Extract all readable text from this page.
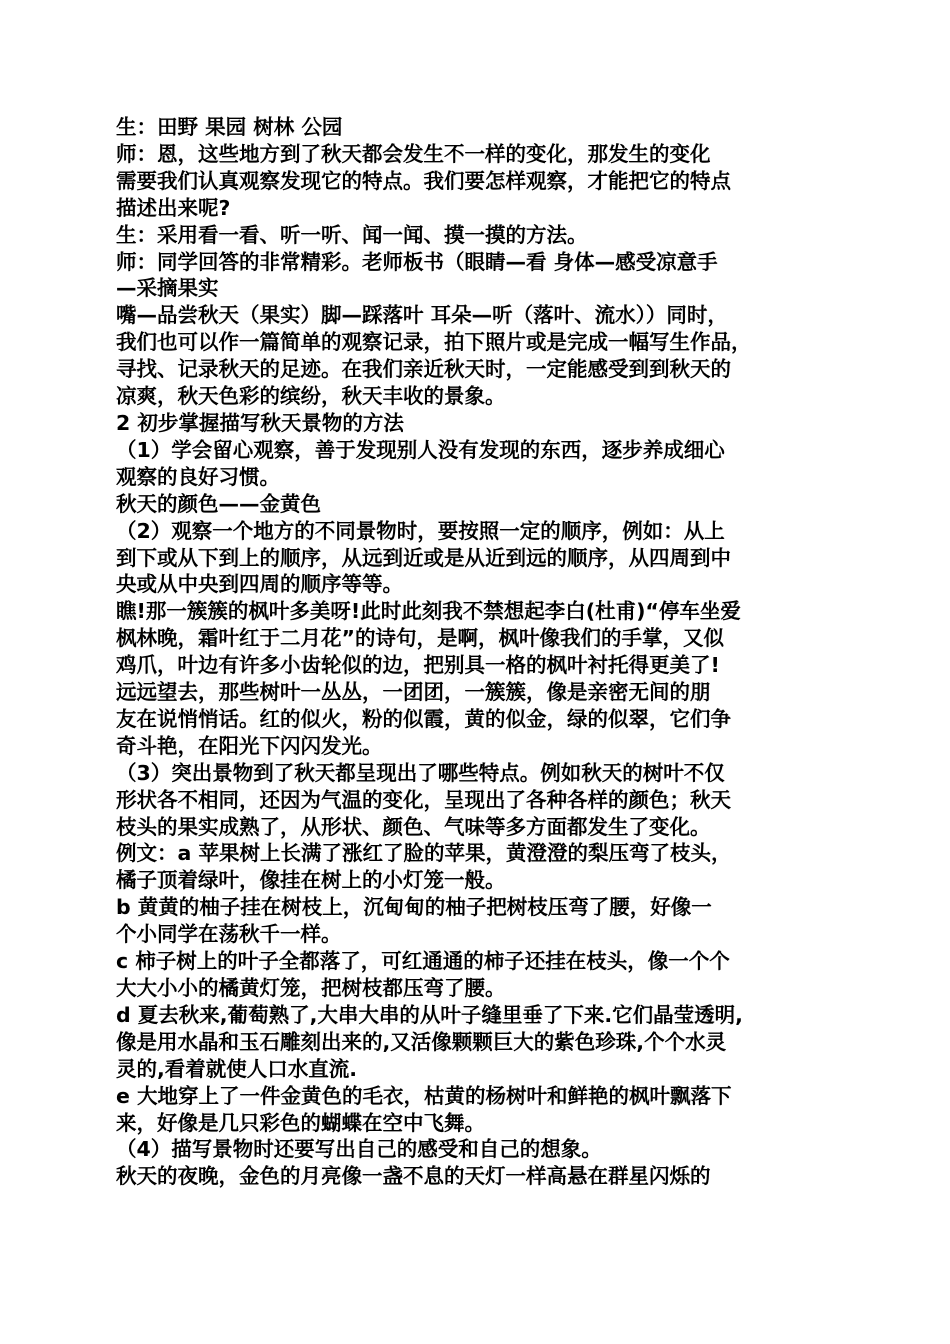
生：田野 果园 树林 公园
师：恩，这些地方到了秋天都会发生不一样的变化，那发生的变化
需要我们认真观察发现它的特点。我们要怎样观察，才能把它的特点
描述出来呢?
生：采用看一看、听一听、闻一闻、摸一摸的方法。
师：同学回答的非常精彩。老师板书（眼睛—看 身体—感受凉意手
—采摘果实
嘴—品尝秋天（果实）脚—踩落叶 耳朵—听（落叶、流水））同时，
我们也可以作一篇简单的观察记录，拍下照片或是完成一幅写生作品，
寻找、记录秋天的足迹。在我们亲近秋天时，一定能感受到到秋天的
凉爽，秋天色彩的缤纷，秋天丰收的景象。
2 初步掌握描写秋天景物的方法
（1）学会留心观察，善于发现别人没有发现的东西，逐步养成细心
观察的良好习惯。
秋天的颜色——金黄色
（2）观察一个地方的不同景物时，要按照一定的顺序，例如：从上
到下或从下到上的顺序，从远到近或是从近到远的顺序，从四周到中
央或从中央到四周的顺序等等。
瞧!那一簇簇的枫叶多美呀!此时此刻我不禁想起李白(杜甫)“停车坐爱
枫林晚，霜叶红于二月花”的诗句，是啊，枫叶像我们的手掌，又似
鸡爪，叶边有许多小齿轮似的边，把别具一格的枫叶衬托得更美了!
远远望去，那些树叶一丛丛，一团团，一簇簇，像是亲密无间的朋
友在说悄悄话。红的似火，粉的似霞，黄的似金，绿的似翠，它们争
奇斗艳，在阳光下闪闪发光。
（3）突出景物到了秋天都呈现出了哪些特点。例如秋天的树叶不仅
形状各不相同，还因为气温的变化，呈现出了各种各样的颜色；秋天
枝头的果实成熟了，从形状、颜色、气味等多方面都发生了变化。
例文：a 苹果树上长满了涨红了脸的苹果，黄澄澄的梨压弯了枝头，
橘子顶着绿叶，像挂在树上的小灯笼一般。
b 黄黄的柚子挂在树枝上，沉甸甸的柚子把树枝压弯了腰，好像一
个小同学在荡秋千一样。
c 柿子树上的叶子全都落了，可红通通的柿子还挂在枝头，像一个个
大大小小的橘黄灯笼，把树枝都压弯了腰。
d 夏去秋来,葡萄熟了,大串大串的从叶子缝里垂了下来.它们晶莹透明,
像是用水晶和玉石雕刻出来的,又活像颗颗巨大的紫色珍珠,个个水灵
灵的,看着就使人口水直流.
e 大地穿上了一件金黄色的毛衣，枯黄的杨树叶和鲜艳的枫叶飘落下
来，好像是几只彩色的蝴蝶在空中飞舞。
（4）描写景物时还要写出自己的感受和自己的想象。
秋天的夜晚，金色的月亮像一盏不息的天灯一样高悬在群星闪烁的
